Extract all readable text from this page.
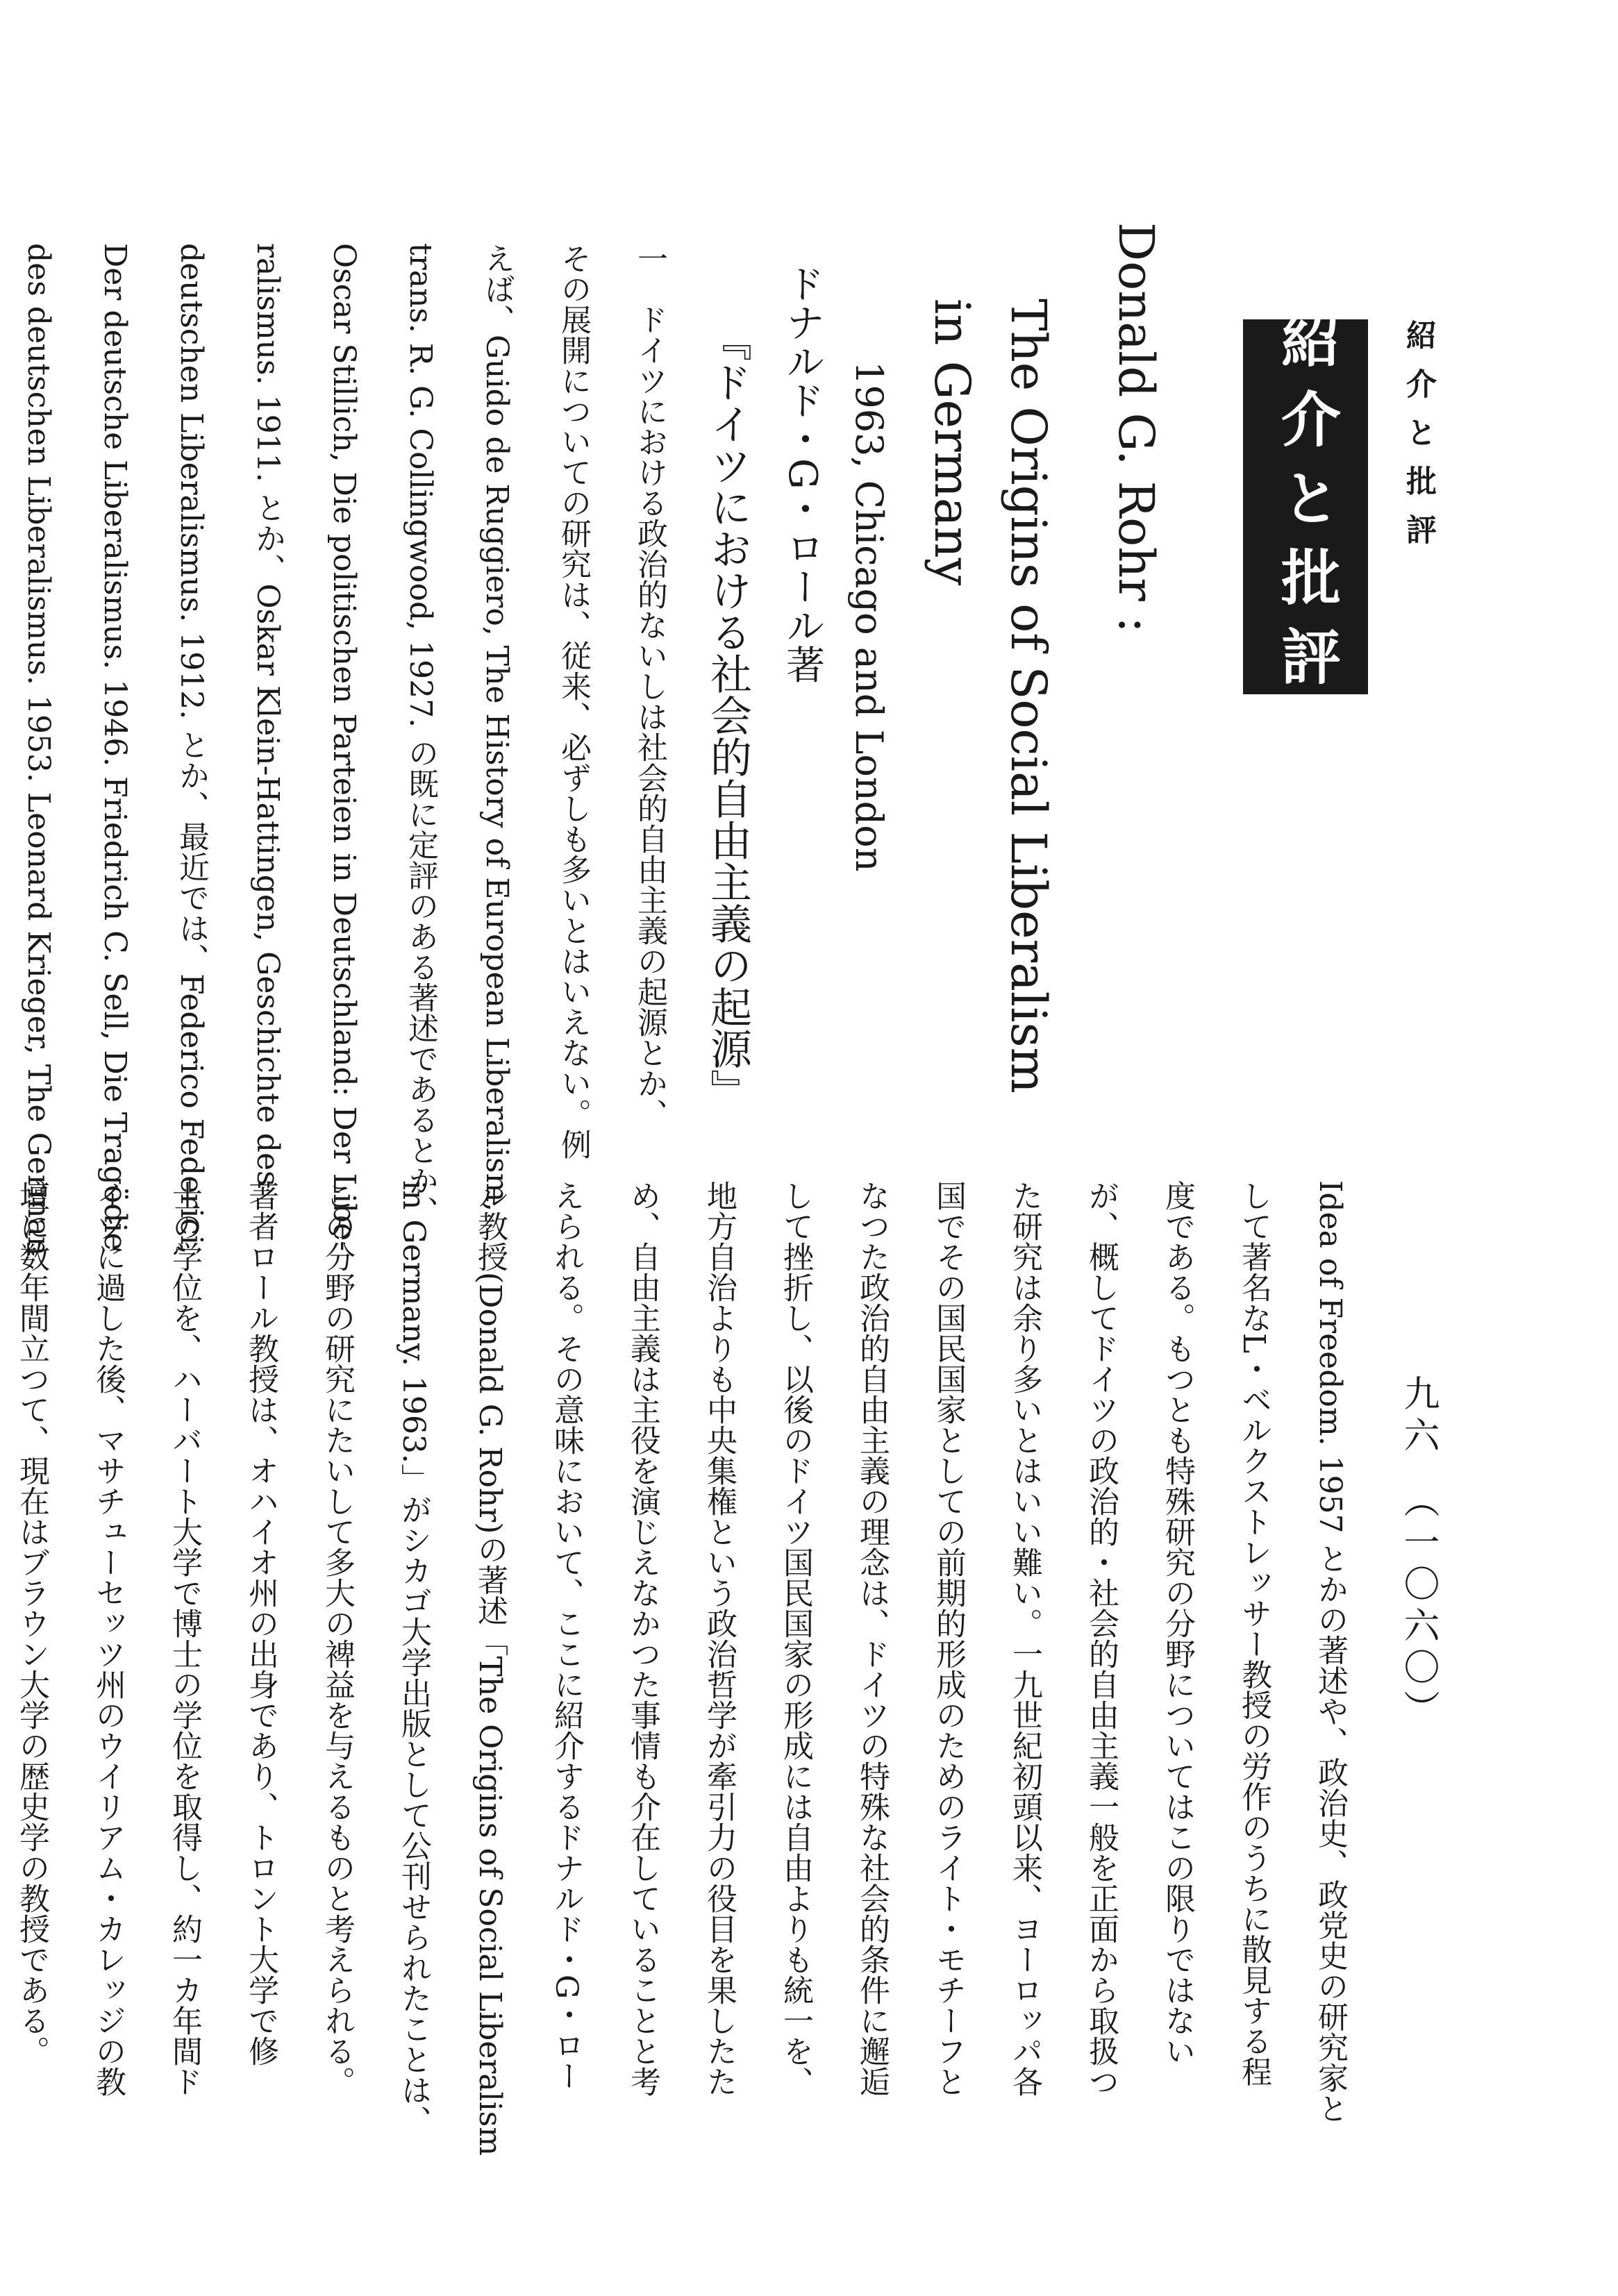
紹介と批評
九六　（一〇六〇）
紹介と批評
Donald G. Rohr :
The Origins of Social Liberalism
in Germany
1963, Chicago and London
ドナルド・G・ロール著
『ドイツにおける社会的自由主義の起源』

一　ドイツにおける政治的ないしは社会的自由主義の起源とか、

その展開についての研究は、従来、必ずしも多いとはいえない。例

えば、Guido de Ruggiero, The History of European Liberalism,

trans. R. G. Collingwood, 1927. の既に定評のある著述であるとか、

Oscar Stillich, Die politischen Parteien in Deutschland: Der Libe-

ralismus. 1911. とか、Oskar Klein-Hattingen, Geschichte des

deutschen Liberalismus. 1912. とか、最近では、Federico Federici,

Der deutsche Liberalismus. 1946. Friedrich C. Sell, Die Tragödie

des deutschen Liberalismus. 1953. Leonard Krieger, The German

Idea of Freedom. 1957 とかの著述や、政治史、政党史の研究家と

して著名なL・ベルクストレッサー教授の労作のうちに散見する程

度である。もつとも特殊研究の分野についてはこの限りではない

が、概してドイツの政治的・社会的自由主義一般を正面から取扱つ

た研究は余り多いとはいい難い。一九世紀初頭以来、ヨーロッパ各

国でその国民国家としての前期的形成のためのライト・モチーフと

なつた政治的自由主義の理念は、ドイツの特殊な社会的条件に邂逅

して挫折し、以後のドイツ国民国家の形成には自由よりも統一を、

地方自治よりも中央集権という政治哲学が牽引力の役目を果したた

め、自由主義は主役を演じえなかつた事情も介在していることと考

えられる。その意味において、ここに紹介するドナルド・G・ロー

ル教授(Donald G. Rohr)の著述「The Origins of Social Liberalism

in Germany. 1963.」がシカゴ大学出版として公刊せられたことは、

この分野の研究にたいして多大の裨益を与えるものと考えられる。

著者ロール教授は、オハイオ州の出身であり、トロント大学で修

士の学位を、ハーバート大学で博士の学位を取得し、約一カ年間ド

イツに過した後、マサチューセッツ州のウイリアム・カレッジの教

壇に数年間立つて、現在はブラウン大学の歴史学の教授である。
